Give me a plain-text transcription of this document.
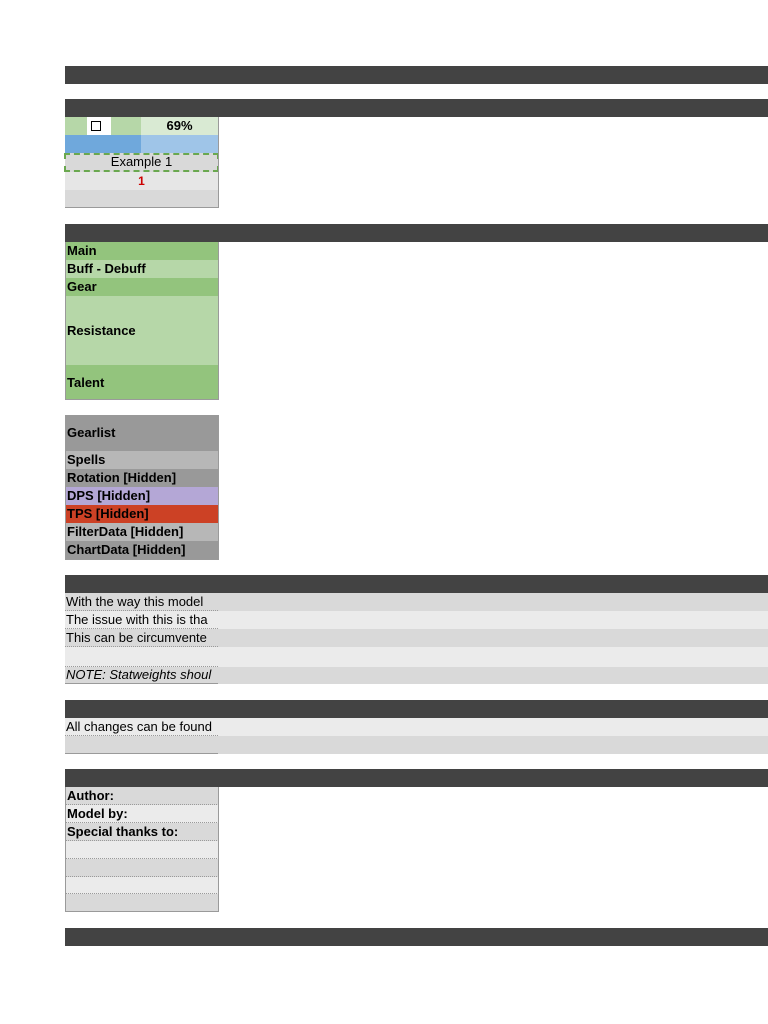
69%
Example 1
1
Main
Buff - Debuff
Gear
Resistance
Talent
Gearlist
Spells
Rotation [Hidden]
DPS [Hidden]
TPS [Hidden]
FilterData [Hidden]
ChartData [Hidden]
With the way this model
The issue with this is tha
This can be circumvente
NOTE: Statweights shoul
All changes can be found
Author:
Model by:
Special thanks to:
